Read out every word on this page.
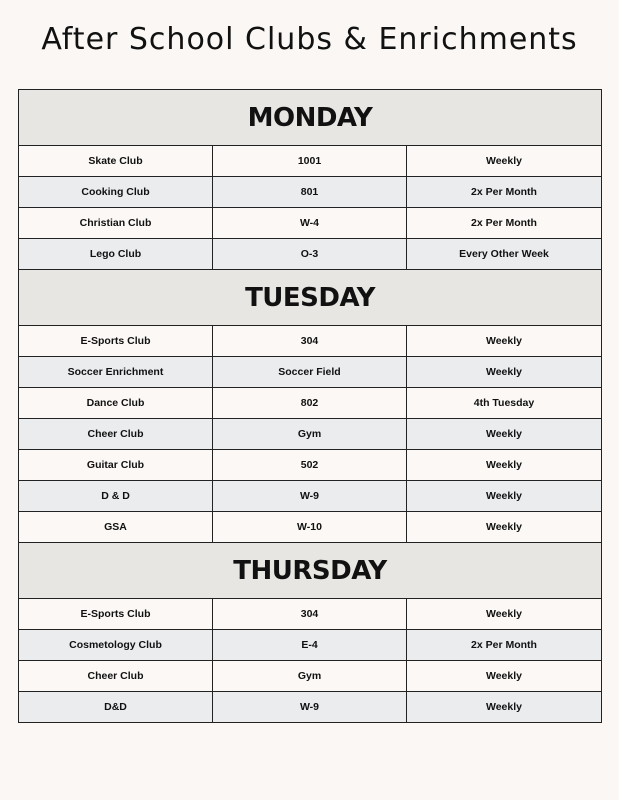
After School Clubs & Enrichments
MONDAY		
Skate Club	1001	Weekly
Cooking Club	801	2x Per Month
Christian Club	W-4	2x Per Month
Lego Club	O-3	Every Other Week
TUESDAY		
E-Sports Club	304	Weekly
Soccer Enrichment	Soccer Field	Weekly
Dance Club	802	4th Tuesday
Cheer Club	Gym	Weekly
Guitar Club	502	Weekly
D & D	W-9	Weekly
GSA	W-10	Weekly
THURSDAY		
E-Sports Club	304	Weekly
Cosmetology Club	E-4	2x Per Month
Cheer Club	Gym	Weekly
D&D	W-9	Weekly
